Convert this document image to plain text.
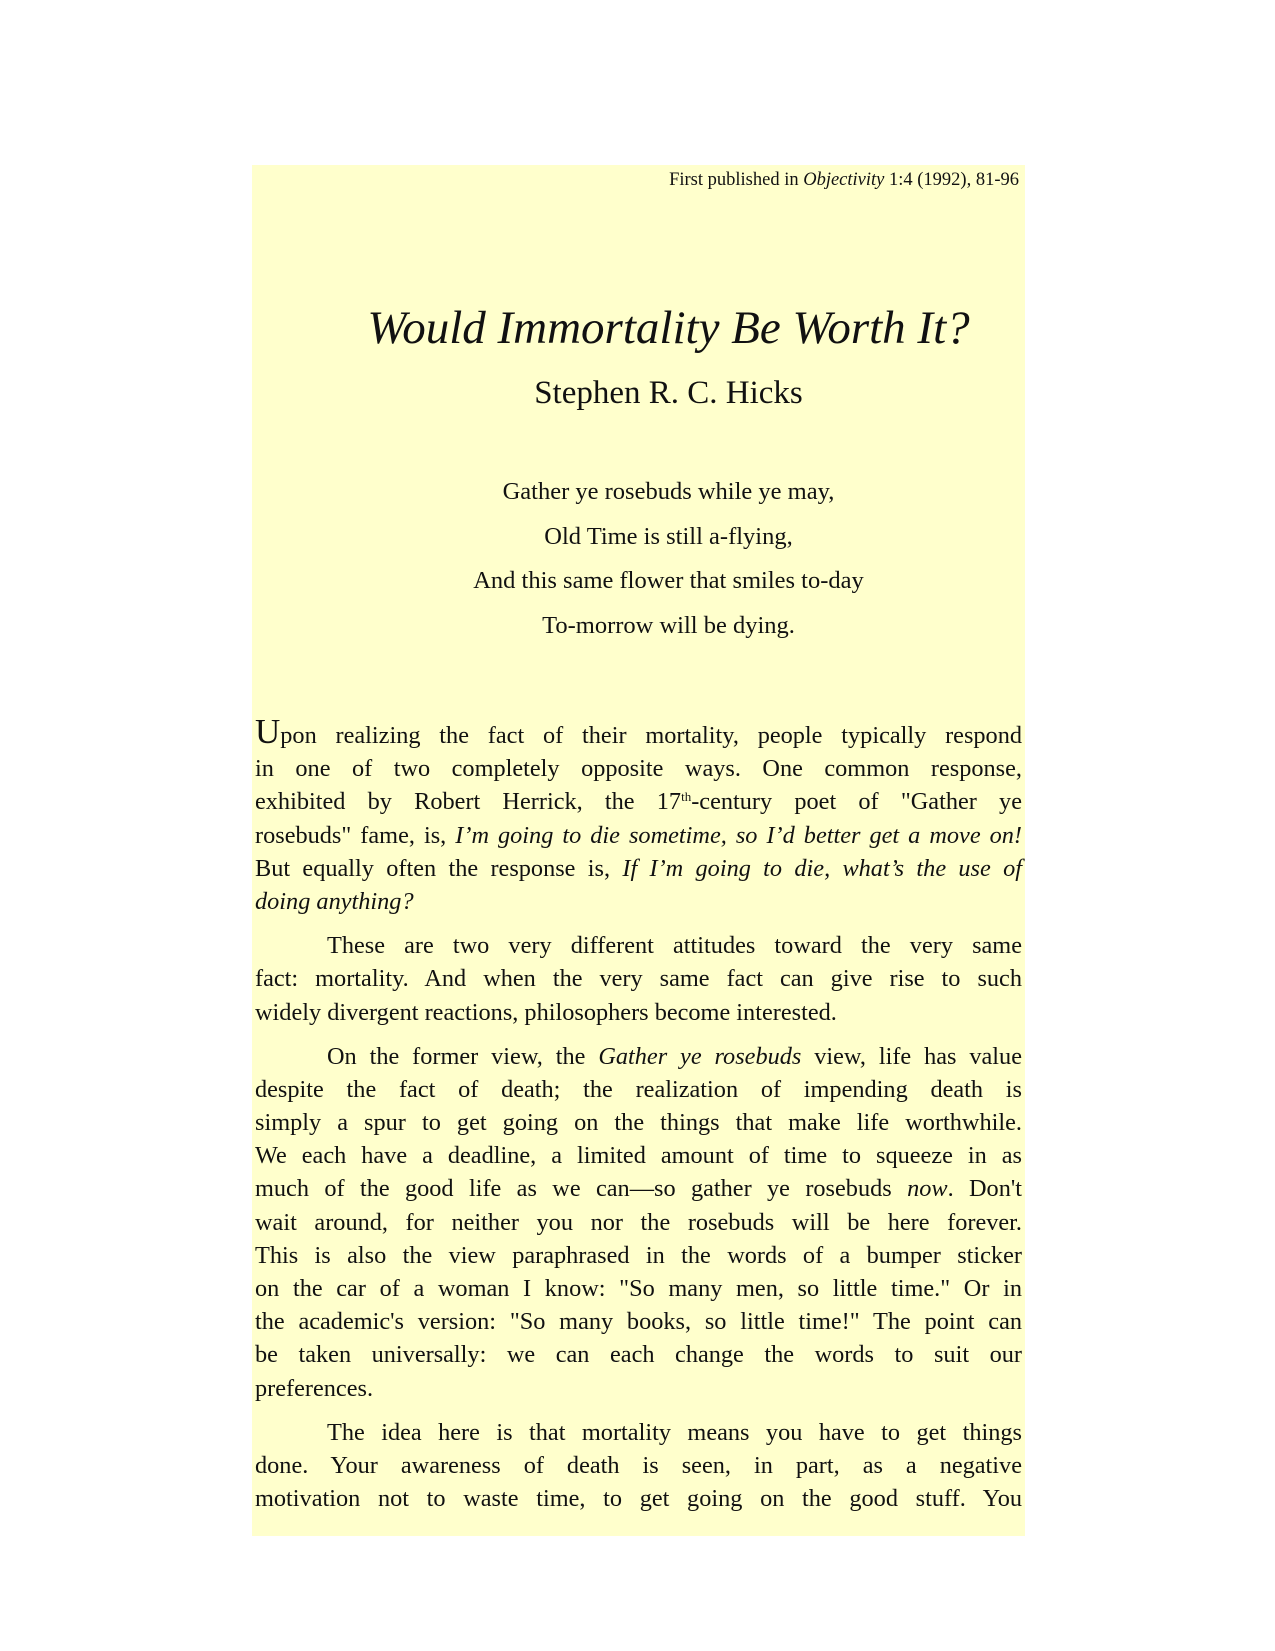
First published in Objectivity 1:4 (1992), 81-96
Would Immortality Be Worth It?
Stephen R. C. Hicks
Gather ye rosebuds while ye may,
Old Time is still a-flying,
And this same flower that smiles to-day
To-morrow will be dying.
Upon realizing the fact of their mortality, people typically respond
in one of two completely opposite ways. One common response,
exhibited by Robert Herrick, the 17th-century poet of "Gather ye
rosebuds" fame, is, I’m going to die sometime, so I’d better get a move on!
But equally often the response is, If I’m going to die, what’s the use of
doing anything?
These are two very different attitudes toward the very same
fact: mortality. And when the very same fact can give rise to such
widely divergent reactions, philosophers become interested.
On the former view, the Gather ye rosebuds view, life has value
despite the fact of death; the realization of impending death is
simply a spur to get going on the things that make life worthwhile.
We each have a deadline, a limited amount of time to squeeze in as
much of the good life as we can—so gather ye rosebuds now. Don't
wait around, for neither you nor the rosebuds will be here forever.
This is also the view paraphrased in the words of a bumper sticker
on the car of a woman I know: "So many men, so little time." Or in
the academic's version: "So many books, so little time!" The point can
be taken universally: we can each change the words to suit our
preferences.
The idea here is that mortality means you have to get things
done. Your awareness of death is seen, in part, as a negative
motivation not to waste time, to get going on the good stuff. You
